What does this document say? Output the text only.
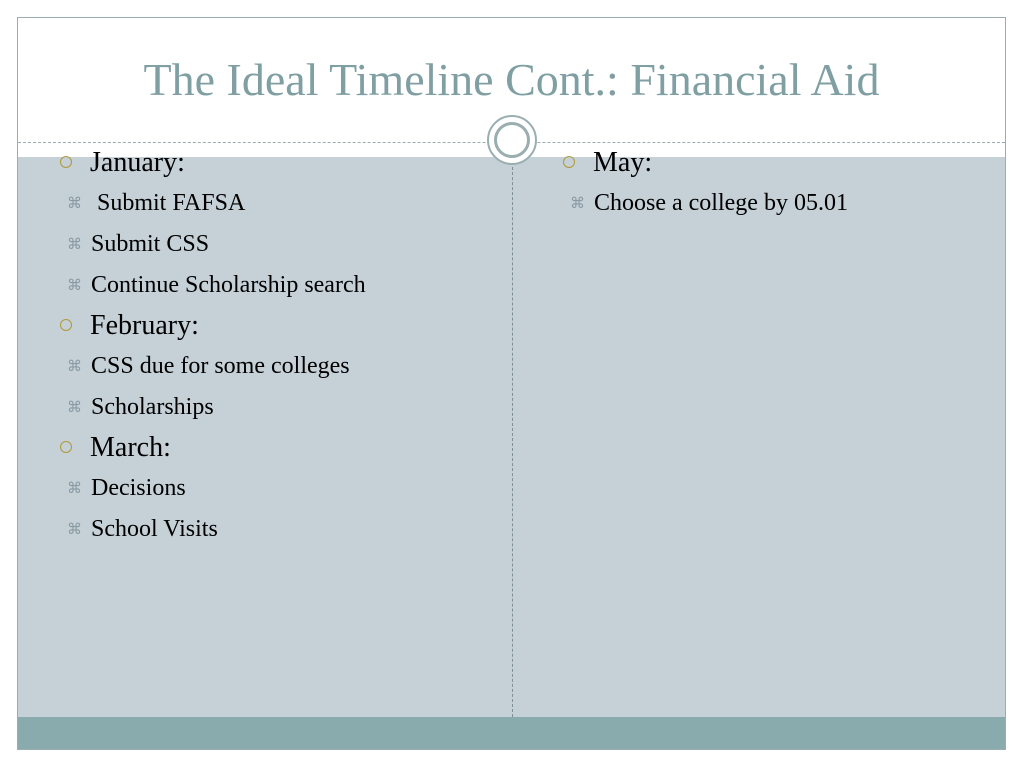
The Ideal Timeline Cont.: Financial Aid
January:
⌘ Submit FAFSA
⌘ Submit CSS
⌘ Continue Scholarship search
February:
⌘ CSS due for some colleges
⌘ Scholarships
March:
⌘ Decisions
⌘ School Visits
May:
⌘ Choose a college by 05.01
